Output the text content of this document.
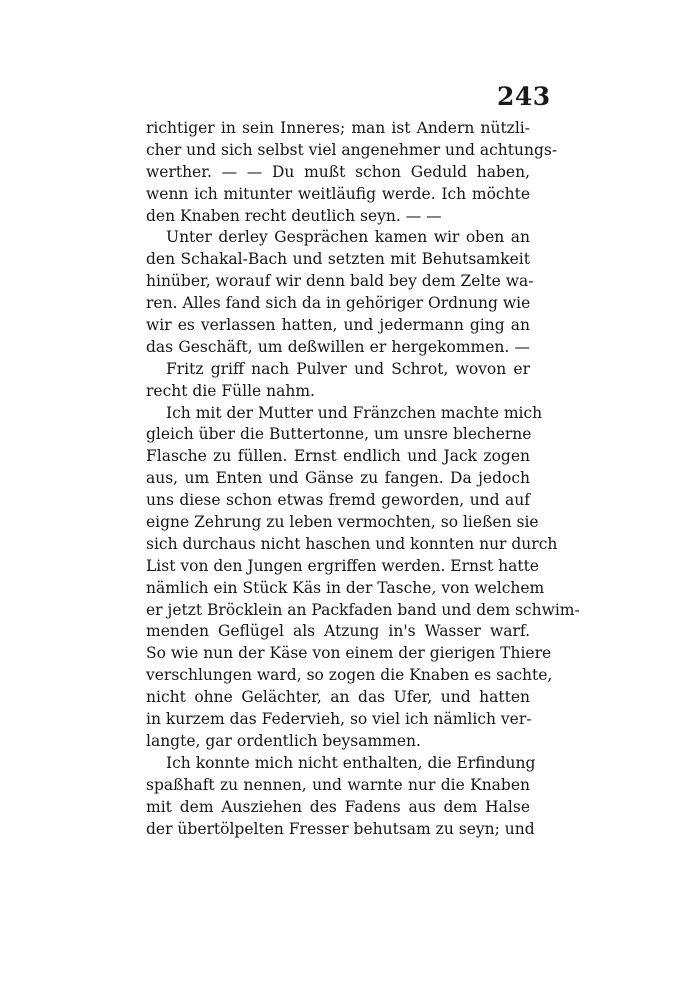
243
richtiger in sein Inneres; man ist Andern nützli-
cher und sich selbst viel angenehmer und achtungs-
werther. — — Du mußt schon Geduld haben,
wenn ich mitunter weitläufig werde. Ich möchte
den Knaben recht deutlich seyn. — —
Unter derley Gesprächen kamen wir oben an
den Schakal-Bach und setzten mit Behutsamkeit
hinüber, worauf wir denn bald bey dem Zelte wa-
ren. Alles fand sich da in gehöriger Ordnung wie
wir es verlassen hatten, und jedermann ging an
das Geschäft, um deßwillen er hergekommen. —
Fritz griff nach Pulver und Schrot, wovon er
recht die Fülle nahm.
Ich mit der Mutter und Fränzchen machte mich
gleich über die Buttertonne, um unsre blecherne
Flasche zu füllen. Ernst endlich und Jack zogen
aus, um Enten und Gänse zu fangen. Da jedoch
uns diese schon etwas fremd geworden, und auf
eigne Zehrung zu leben vermochten, so ließen sie
sich durchaus nicht haschen und konnten nur durch
List von den Jungen ergriffen werden. Ernst hatte
nämlich ein Stück Käs in der Tasche, von welchem
er jetzt Bröcklein an Packfaden band und dem schwim-
menden Geflügel als Atzung in's Wasser warf.
So wie nun der Käse von einem der gierigen Thiere
verschlungen ward, so zogen die Knaben es sachte,
nicht ohne Gelächter, an das Ufer, und hatten
in kurzem das Federvieh, so viel ich nämlich ver-
langte, gar ordentlich beysammen.
Ich konnte mich nicht enthalten, die Erfindung
spaßhaft zu nennen, und warnte nur die Knaben
mit dem Ausziehen des Fadens aus dem Halse
der übertölpelten Fresser behutsam zu seyn; und
